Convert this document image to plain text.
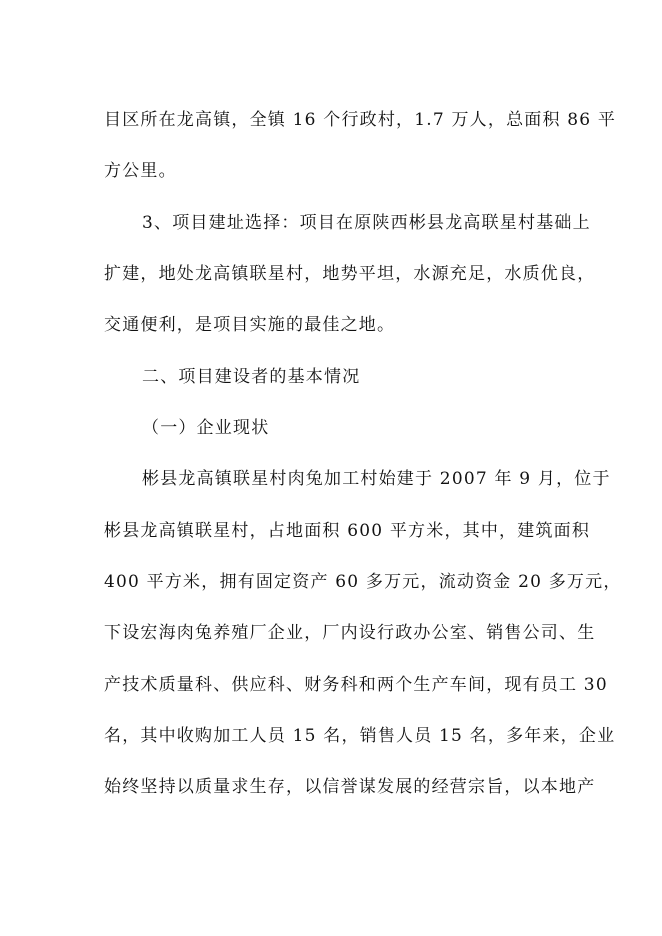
目区所在龙高镇，全镇 16 个行政村，1.7 万人，总面积 86 平
方公里。
3、项目建址选择：项目在原陕西彬县龙高联星村基础上
扩建，地处龙高镇联星村，地势平坦，水源充足，水质优良，
交通便利，是项目实施的最佳之地。
二、项目建设者的基本情况
（一）企业现状
彬县龙高镇联星村肉兔加工村始建于 2007 年 9 月，位于
彬县龙高镇联星村，占地面积 600 平方米，其中，建筑面积
400 平方米，拥有固定资产 60 多万元，流动资金 20 多万元，
下设宏海肉兔养殖厂企业，厂内设行政办公室、销售公司、生
产技术质量科、供应科、财务科和两个生产车间，现有员工 30
名，其中收购加工人员 15 名，销售人员 15 名，多年来，企业
始终坚持以质量求生存，以信誉谋发展的经营宗旨，以本地产
